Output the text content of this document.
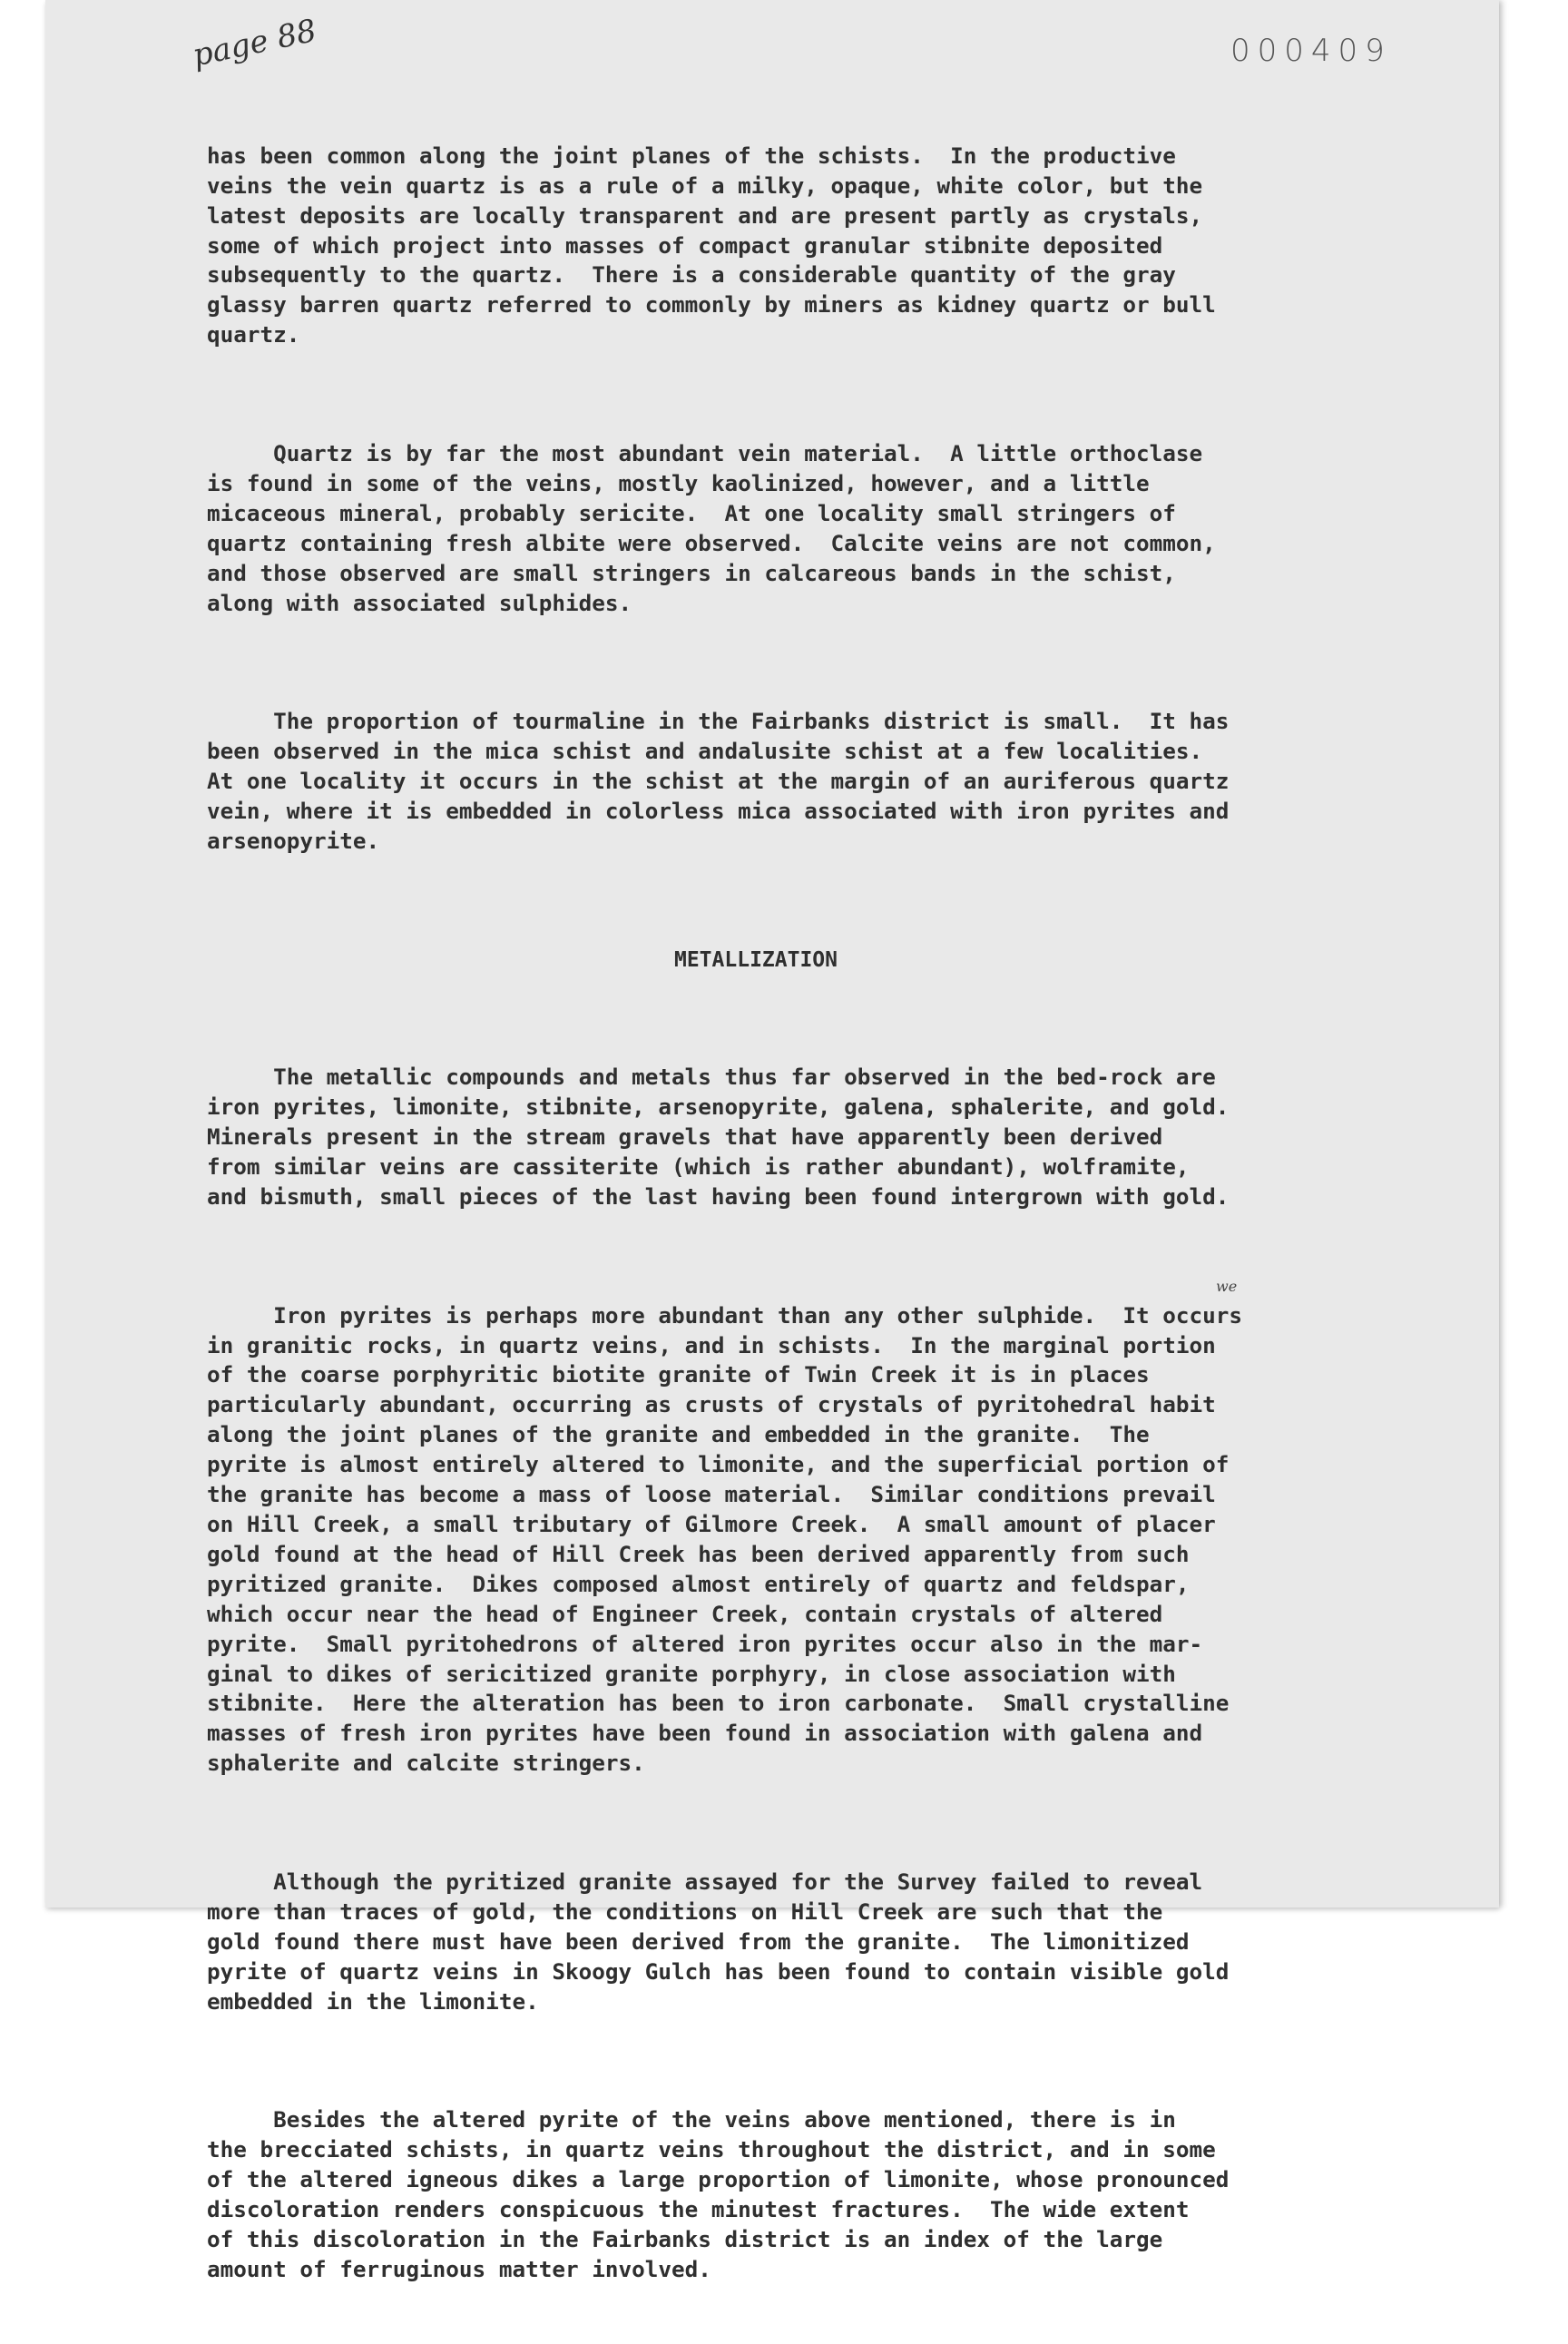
page 88	000409
we

has been common along the joint planes of the schists.  In the productive
veins the vein quartz is as a rule of a milky, opaque, white color, but the
latest deposits are locally transparent and are present partly as crystals,
some of which project into masses of compact granular stibnite deposited
subsequently to the quartz.  There is a considerable quantity of the gray
glassy barren quartz referred to commonly by miners as kidney quartz or bull
quartz.

Quartz is by far the most abundant vein material.  A little orthoclase
is found in some of the veins, mostly kaolinized, however, and a little
micaceous mineral, probably sericite.  At one locality small stringers of
quartz containing fresh albite were observed.  Calcite veins are not common,
and those observed are small stringers in calcareous bands in the schist,
along with associated sulphides.

The proportion of tourmaline in the Fairbanks district is small.  It has
been observed in the mica schist and andalusite schist at a few localities.
At one locality it occurs in the schist at the margin of an auriferous quartz
vein, where it is embedded in colorless mica associated with iron pyrites and
arsenopyrite.

METALLIZATION

The metallic compounds and metals thus far observed in the bed-rock are
iron pyrites, limonite, stibnite, arsenopyrite, galena, sphalerite, and gold.
Minerals present in the stream gravels that have apparently been derived
from similar veins are cassiterite (which is rather abundant), wolframite,
and bismuth, small pieces of the last having been found intergrown with gold.

Iron pyrites is perhaps more abundant than any other sulphide.  It occurs
in granitic rocks, in quartz veins, and in schists.  In the marginal portion
of the coarse porphyritic biotite granite of Twin Creek it is in places
particularly abundant, occurring as crusts of crystals of pyritohedral habit
along the joint planes of the granite and embedded in the granite.  The
pyrite is almost entirely altered to limonite, and the superficial portion of
the granite has become a mass of loose material.  Similar conditions prevail
on Hill Creek, a small tributary of Gilmore Creek.  A small amount of placer
gold found at the head of Hill Creek has been derived apparently from such
pyritized granite.  Dikes composed almost entirely of quartz and feldspar,
which occur near the head of Engineer Creek, contain crystals of altered
pyrite.  Small pyritohedrons of altered iron pyrites occur also in the mar-
ginal to dikes of sericitized granite porphyry, in close association with
stibnite.  Here the alteration has been to iron carbonate.  Small crystalline
masses of fresh iron pyrites have been found in association with galena and
sphalerite and calcite stringers.

Although the pyritized granite assayed for the Survey failed to reveal
more than traces of gold, the conditions on Hill Creek are such that the
gold found there must have been derived from the granite.  The limonitized
pyrite of quartz veins in Skoogy Gulch has been found to contain visible gold
embedded in the limonite.

Besides the altered pyrite of the veins above mentioned, there is in
the brecciated schists, in quartz veins throughout the district, and in some
of the altered igneous dikes a large proportion of limonite, whose pronounced
discoloration renders conspicuous the minutest fractures.  The wide extent
of this discoloration in the Fairbanks district is an index of the large
amount of ferruginous matter involved.
